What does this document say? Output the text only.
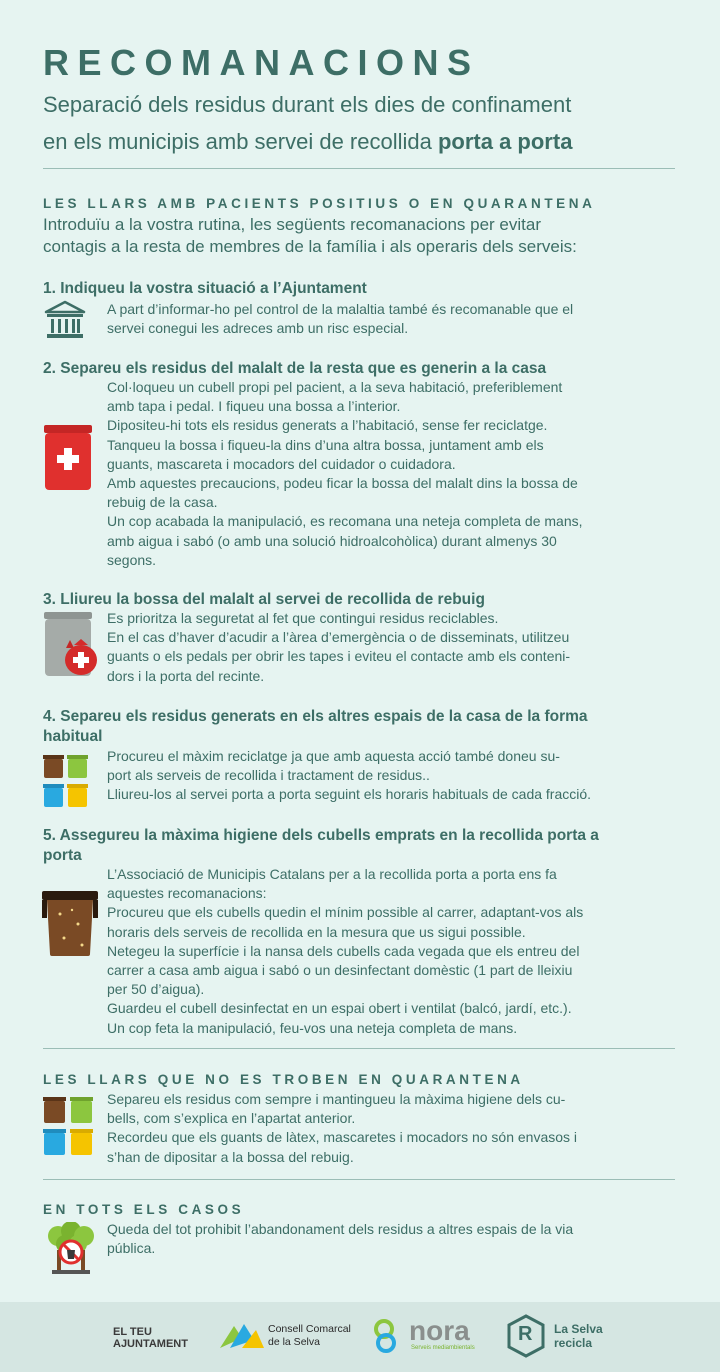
RECOMANACIONS
Separació dels residus durant els dies de confinament
en els municipis amb servei de recollida porta a porta
LES LLARS AMB PACIENTS POSITIUS O EN QUARANTENA
Introduïu a la vostra rutina, les següents recomanacions per evitar
contagis a la resta de membres de la família i als operaris dels serveis:
1. Indiqueu la vostra situació a l’Ajuntament
A part d’informar-ho pel control de la malaltia també és recomanable que el
servei conegui les adreces amb un risc especial.
2. Separeu els residus del malalt de la resta que es generin a la casa
Col·loqueu un cubell propi pel pacient, a la seva habitació, preferiblement
amb tapa i pedal. I fiqueu una bossa a l’interior.
Dipositeu-hi tots els residus generats a l’habitació, sense fer reciclatge.
Tanqueu la bossa i fiqueu-la dins d’una altra bossa, juntament amb els
guants, mascareta i mocadors del cuidador o cuidadora.
Amb aquestes precaucions, podeu ficar la bossa del malalt dins la bossa de
rebuig de la casa.
Un cop acabada la manipulació, es recomana una neteja completa de mans,
amb aigua i sabó (o amb una solució hidroalcohòlica) durant almenys 30
segons.
3. Lliureu la bossa del malalt al servei de recollida de rebuig
Es prioritza la seguretat al fet que contingui residus reciclables.
En el cas d’haver d’acudir a l’àrea d’emergència o de disseminats, utilitzeu
guants o els pedals per obrir les tapes i eviteu el contacte amb els conteni-
dors i la porta del recinte.
4. Separeu els residus generats en els altres espais de la casa de la forma
habitual
Procureu el màxim reciclatge ja que amb aquesta acció també doneu su-
port als serveis de recollida i tractament de residus..
Lliureu-los al servei porta a porta seguint els horaris habituals de cada fracció.
5. Assegureu la màxima higiene dels cubells emprats en la recollida porta a
porta
L’Associació de Municipis Catalans per a la recollida porta a porta ens fa
aquestes recomanacions:
Procureu que els cubells quedin el mínim possible al carrer, adaptant-vos als
horaris dels serveis de recollida en la mesura que us sigui possible.
Netegeu la superfície i la nansa dels cubells cada vegada que els entreu del
carrer a casa amb aigua i sabó o un desinfectant domèstic (1 part de lleixiu
per 50 d’aigua).
Guardeu el cubell desinfectat en un espai obert i ventilat (balcó, jardí, etc.).
Un cop feta la manipulació, feu-vos una neteja completa de mans.
LES LLARS QUE NO ES TROBEN EN QUARANTENA
Separeu els residus com sempre i mantingueu la màxima higiene dels cu-
bells, com s’explica en l’apartat anterior.
Recordeu que els guants de làtex, mascaretes i mocadors no són envasos i
s’han de dipositar a la bossa del rebuig.
EN TOTS ELS CASOS
Queda del tot prohibit l’abandonament dels residus a altres espais de la via
pública.
EL TEU
AJUNTAMENT
Consell Comarcal
de la Selva	nora
Serveis mediambientals
R La Selva
recicla
